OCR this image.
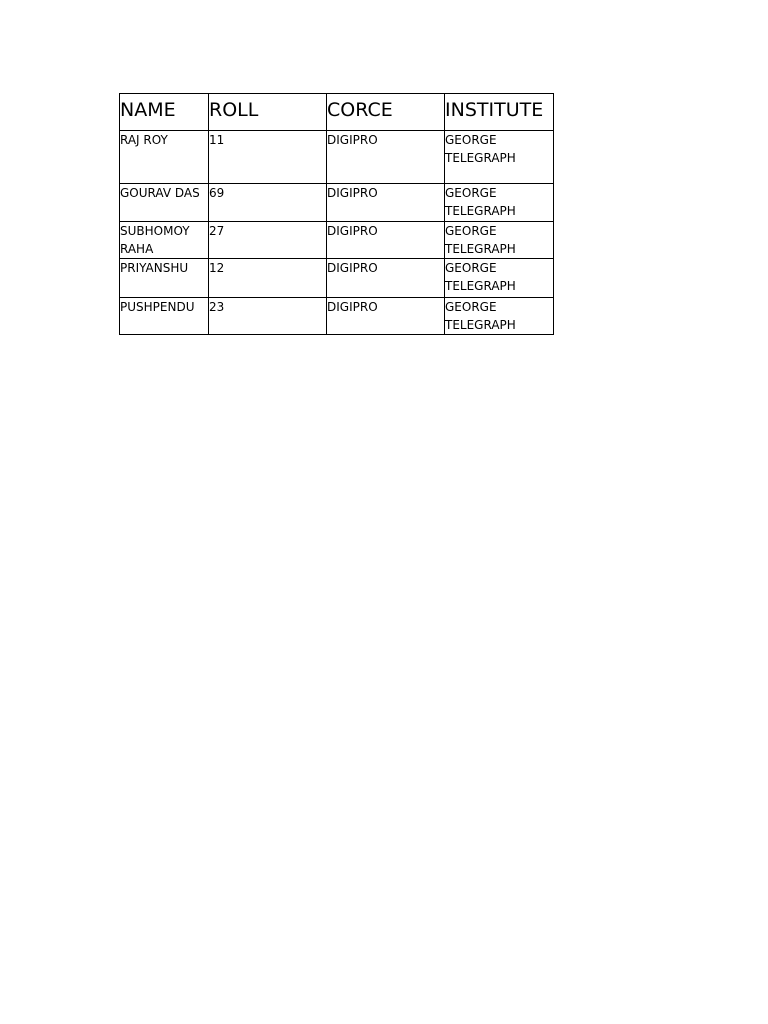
NAME	ROLL	CORCE	INSTITUTE
RAJ ROY	11	DIGIPRO	GEORGE TELEGRAPH
GOURAV DAS	69	DIGIPRO	GEORGE TELEGRAPH
SUBHOMOY RAHA	27	DIGIPRO	GEORGE TELEGRAPH
PRIYANSHU	12	DIGIPRO	GEORGE TELEGRAPH
PUSHPENDU	23	DIGIPRO	GEORGE TELEGRAPH
